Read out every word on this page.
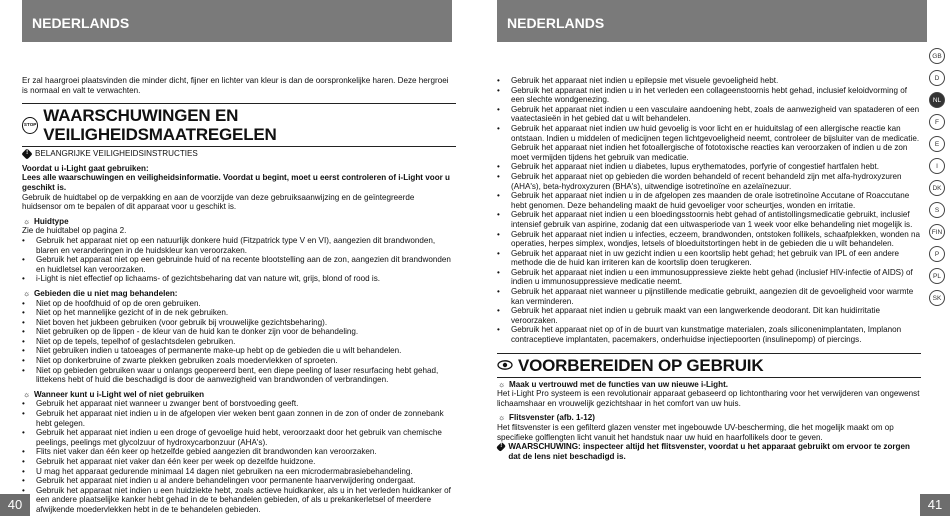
NEDERLANDS

Er zal haargroei plaatsvinden die minder dicht, fijner en lichter van kleur is dan de oorspronkelijke haren. Deze hergroei is normaal en valt te verwachten.

STOP WAARSCHUWINGEN EN VEILIGHEIDSMAATREGELEN
! BELANGRIJKE VEILIGHEIDSINSTRUCTIES

Voordat u i-Light gaat gebruiken:

Lees alle waarschuwingen en veiligheidsinformatie. Voordat u begint, moet u eerst controleren of i-Light voor u geschikt is.

Gebruik de huidtabel op de verpakking en aan de voorzijde van deze gebruiksaanwijzing en de geïntegreerde huidsensor om te bepalen of dit apparaat voor u geschikt is.

☼ Huidtype

Zie de huidtabel op pagina 2.

• Gebruik het apparaat niet op een natuurlijk donkere huid (Fitzpatrick type V en VI), aangezien dit brandwonden, blaren en veranderingen in de huidskleur kan veroorzaken.
• Gebruik het apparaat niet op een gebruinde huid of na recente blootstelling aan de zon, aangezien dit brandwonden en huidletsel kan veroorzaken.
• i-Light is niet effectief op lichaams- of gezichtsbeharing dat van nature wit, grijs, blond of rood is.
☼ Gebieden die u niet mag behandelen:
• Niet op de hoofdhuid of op de oren gebruiken.
• Niet op het mannelijke gezicht of in de nek gebruiken.
• Niet boven het jukbeen gebruiken (voor gebruik bij vrouwelijke gezichtsbeharing).
• Niet gebruiken op de lippen - de kleur van de huid kan te donker zijn voor de behandeling.
• Niet op de tepels, tepelhof of geslachtsdelen gebruiken.
• Niet gebruiken indien u tatoeages of permanente make-up hebt op de gebieden die u wilt behandelen.
• Niet op donkerbruine of zwarte plekken gebruiken zoals moedervlekken of sproeten.
• Niet op gebieden gebruiken waar u onlangs geopereerd bent, een diepe peeling of laser resurfacing hebt gehad, littekens hebt of huid die beschadigd is door de aanwezigheid van brandwonden of verbrandingen.
☼ Wanneer kunt u i-Light wel of niet gebruiken
• Gebruik het apparaat niet wanneer u zwanger bent of borstvoeding geeft.
• Gebruik het apparaat niet indien u in de afgelopen vier weken bent gaan zonnen in de zon of onder de zonnebank hebt gelegen.
• Gebruik het apparaat niet indien u een droge of gevoelige huid hebt, veroorzaakt door het gebruik van chemische peelings, peelings met glycolzuur of hydroxycarbonzuur (AHA's).
• Flits niet vaker dan één keer op hetzelfde gebied aangezien dit brandwonden kan veroorzaken.
• Gebruik het apparaat niet vaker dan één keer per week op dezelfde huidzone.
• U mag het apparaat gedurende minimaal 14 dagen niet gebruiken na een microdermabrasiebehandeling.
• Gebruik het apparaat niet indien u al andere behandelingen voor permanente haarverwijdering ondergaat.
• Gebruik het apparaat niet indien u een huidziekte hebt, zoals actieve huidkanker, als u in het verleden huidkanker of een andere plaatselijke kanker hebt gehad in de te behandelen gebieden, of als u prekankerletsel of meerdere afwijkende moedervlekken hebt in de te behandelen gebieden.
40
NEDERLANDS
• Gebruik het apparaat niet indien u epilepsie met visuele gevoeligheid hebt.
• Gebruik het apparaat niet indien u in het verleden een collageenstoornis hebt gehad, inclusief keloidvorming of een slechte wondgenezing.
• Gebruik het apparaat niet indien u een vasculaire aandoening hebt, zoals de aanwezigheid van spataderen of een vaatectasieën in het gebied dat u wilt behandelen.
• Gebruik het apparaat niet indien uw huid gevoelig is voor licht en er huiduitslag of een allergische reactie kan ontstaan. Indien u middelen of medicijnen tegen lichtgevoeligheid neemt, controleer de bijsluiter van de medicatie. Gebruik het apparaat niet indien het fotoallergische of fototoxische reacties kan veroorzaken of indien u de zon moet vermijden tijdens het gebruik van medicatie.
• Gebruik het apparaat niet indien u diabetes, lupus erythematodes, porfyrie of congestief hartfalen hebt.
• Gebruik het apparaat niet op gebieden die worden behandeld of recent behandeld zijn met alfa-hydroxyzuren (AHA's), beta-hydroxyzuren (BHA's), uitwendige isotretinoïne en azelaïnezuur.
• Gebruik het apparaat niet indien u in de afgelopen zes maanden de orale isotretinoïne Accutane of Roaccutane hebt genomen. Deze behandeling maakt de huid gevoeliger voor scheurtjes, wonden en irritatie.
• Gebruik het apparaat niet indien u een bloedingsstoornis hebt gehad of antistollingsmedicatie gebruikt, inclusief intensief gebruik van aspirine, zodanig dat een uitwasperiode van 1 week voor elke behandeling niet mogelijk is.
• Gebruik het apparaat niet indien u infecties, eczeem, brandwonden, ontstoken follikels, schaafplekken, wonden na operaties, herpes simplex, wondjes, letsels of bloeduitstortingen hebt in de gebieden die u wilt behandelen.
• Gebruik het apparaat niet in uw gezicht indien u een koortslip hebt gehad; het gebruik van IPL of een andere methode die de huid kan irriteren kan de koortslip doen terugkeren.
• Gebruik het apparaat niet indien u een immunosuppressieve ziekte hebt gehad (inclusief HIV-infectie of AIDS) of indien u immunosuppressieve medicatie neemt.
• Gebruik het apparaat niet wanneer u pijnstillende medicatie gebruikt, aangezien dit de gevoeligheid voor warmte kan verminderen.
• Gebruik het apparaat niet indien u gebruik maakt van een langwerkende deodorant. Dit kan huidirritatie veroorzaken.
• Gebruik het apparaat niet op of in de buurt van kunstmatige materialen, zoals siliconenimplantaten, Implanon contraceptieve implantaten, pacemakers, onderhuidse injectiepoorten (insulinepomp) of piercings.
VOORBEREIDEN OP GEBRUIK
☼ Maak u vertrouwd met de functies van uw nieuwe i-Light.

Het i-Light Pro systeem is een revolutionair apparaat gebaseerd op lichtontharing voor het verwijderen van ongewenst lichaamshaar en vrouwelijk gezichtshaar in het comfort van uw huis.

☼ Flitsvenster (afb. 1-12)

Het flitsvenster is een gefilterd glazen venster met ingebouwde UV-bescherming, die het mogelijk maakt om op specifieke golflengten licht vanuit het handstuk naar uw huid en haarfollikels door te geven.

! WAARSCHUWING: inspecteer altijd het flitsvenster, voordat u het apparaat gebruikt om ervoor te zorgen dat de lens niet beschadigd is.
GB
D
NL
F
E
I
DK
S
FIN
P
PL
SK
41
